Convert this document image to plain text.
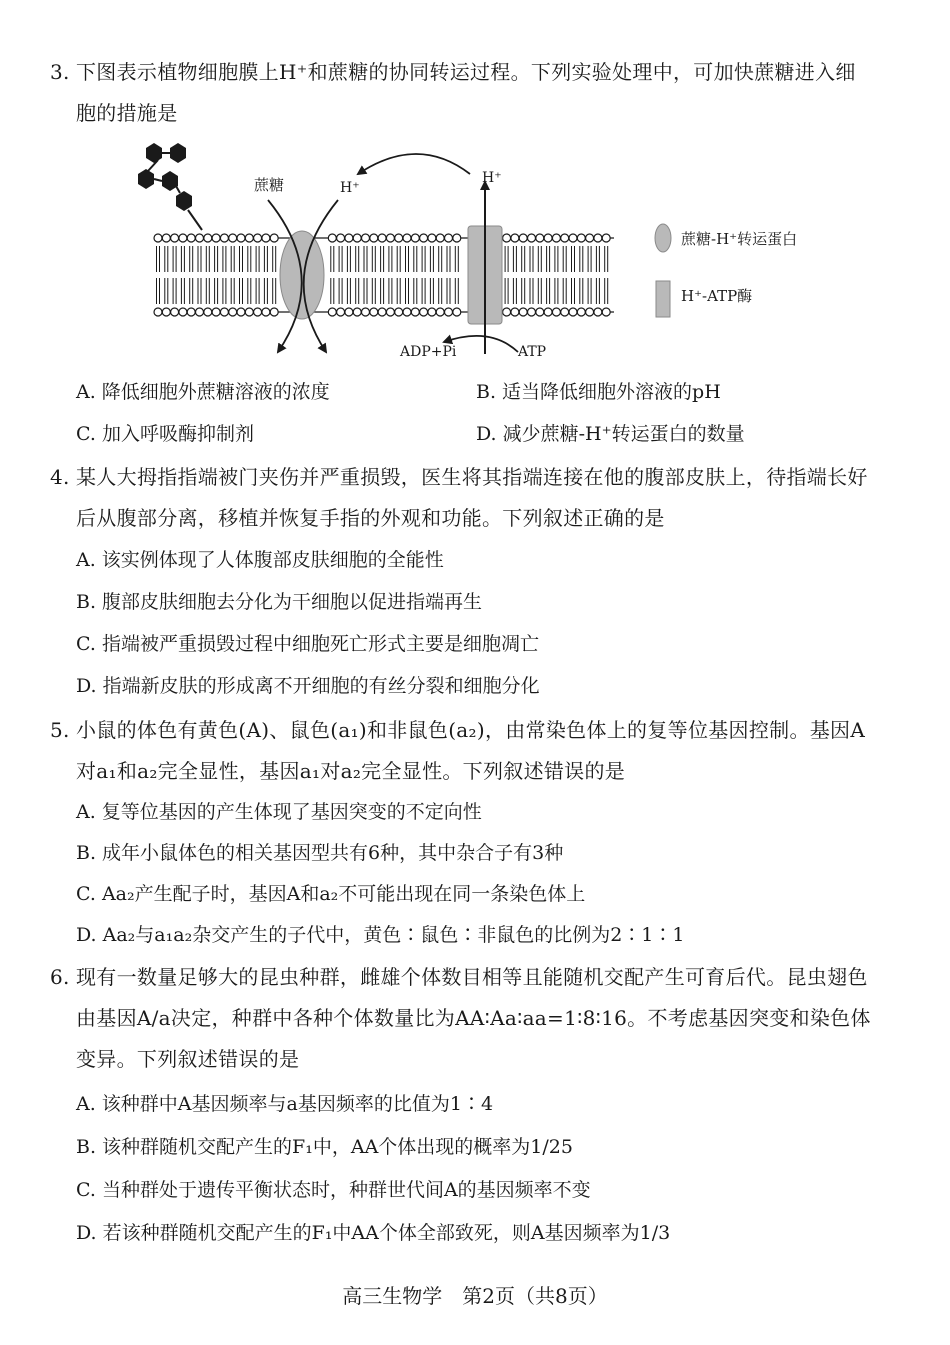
3. 下图表示植物细胞膜上H⁺和蔗糖的协同转运过程。下列实验处理中，可加快蔗糖进入细
胞的措施是
蔗糖	H⁺
H⁺
ADP+Pi	ATP
蔗糖-H⁺转运蛋白
H⁺-ATP酶
A. 降低细胞外蔗糖溶液的浓度	B. 适当降低细胞外溶液的pH
C. 加入呼吸酶抑制剂	D. 减少蔗糖-H⁺转运蛋白的数量
4. 某人大拇指指端被门夹伤并严重损毁，医生将其指端连接在他的腹部皮肤上，待指端长好
后从腹部分离，移植并恢复手指的外观和功能。下列叙述正确的是
A. 该实例体现了人体腹部皮肤细胞的全能性
B. 腹部皮肤细胞去分化为干细胞以促进指端再生
C. 指端被严重损毁过程中细胞死亡形式主要是细胞凋亡
D. 指端新皮肤的形成离不开细胞的有丝分裂和细胞分化
5. 小鼠的体色有黄色(A)、鼠色(a₁)和非鼠色(a₂)，由常染色体上的复等位基因控制。基因A
对a₁和a₂完全显性，基因a₁对a₂完全显性。下列叙述错误的是
A. 复等位基因的产生体现了基因突变的不定向性
B. 成年小鼠体色的相关基因型共有6种，其中杂合子有3种
C. Aa₂产生配子时，基因A和a₂不可能出现在同一条染色体上
D. Aa₂与a₁a₂杂交产生的子代中，黄色∶鼠色∶非鼠色的比例为2∶1∶1
6. 现有一数量足够大的昆虫种群，雌雄个体数目相等且能随机交配产生可育后代。昆虫翅色
由基因A/a决定，种群中各种个体数量比为AA∶Aa∶aa=1∶8∶16。不考虑基因突变和染色体
变异。下列叙述错误的是
A. 该种群中A基因频率与a基因频率的比值为1∶4
B. 该种群随机交配产生的F₁中，AA个体出现的概率为1/25
C. 当种群处于遗传平衡状态时，种群世代间A的基因频率不变
D. 若该种群随机交配产生的F₁中AA个体全部致死，则A基因频率为1/3
高三生物学　第2页（共8页）
